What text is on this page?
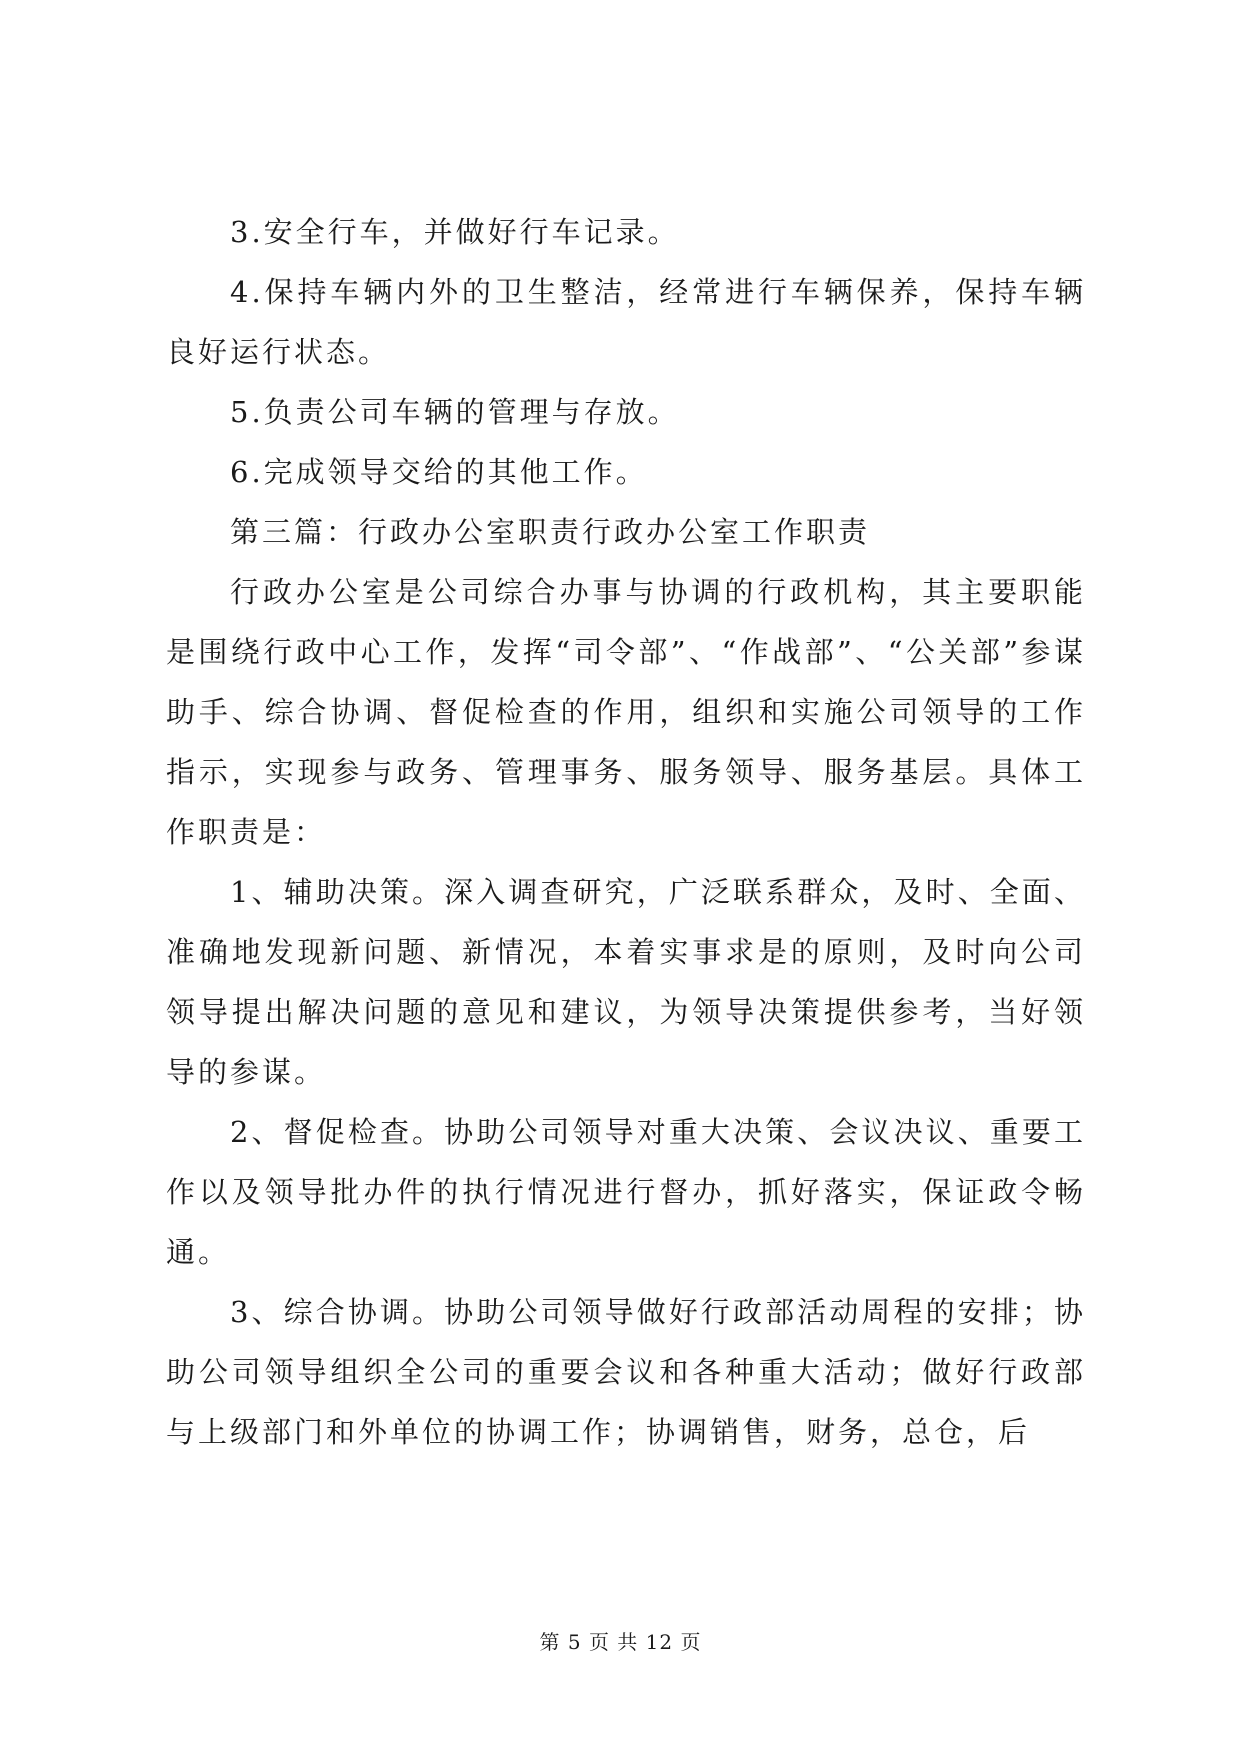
3.安全行车，并做好行车记录。

4.保持车辆内外的卫生整洁，经常进行车辆保养，保持车辆良好运行状态。

5.负责公司车辆的管理与存放。

6.完成领导交给的其他工作。

第三篇：行政办公室职责行政办公室工作职责

行政办公室是公司综合办事与协调的行政机构，其主要职能是围绕行政中心工作，发挥“司令部”、“作战部”、“公关部”参谋助手、综合协调、督促检查的作用，组织和实施公司领导的工作指示，实现参与政务、管理事务、服务领导、服务基层。具体工作职责是：

1、辅助决策。深入调查研究，广泛联系群众，及时、全面、准确地发现新问题、新情况，本着实事求是的原则，及时向公司领导提出解决问题的意见和建议，为领导决策提供参考，当好领导的参谋。

2、督促检查。协助公司领导对重大决策、会议决议、重要工作以及领导批办件的执行情况进行督办，抓好落实，保证政令畅通。

3、综合协调。协助公司领导做好行政部活动周程的安排；协助公司领导组织全公司的重要会议和各种重大活动；做好行政部与上级部门和外单位的协调工作；协调销售，财务，总仓，后

第 5 页 共 12 页
